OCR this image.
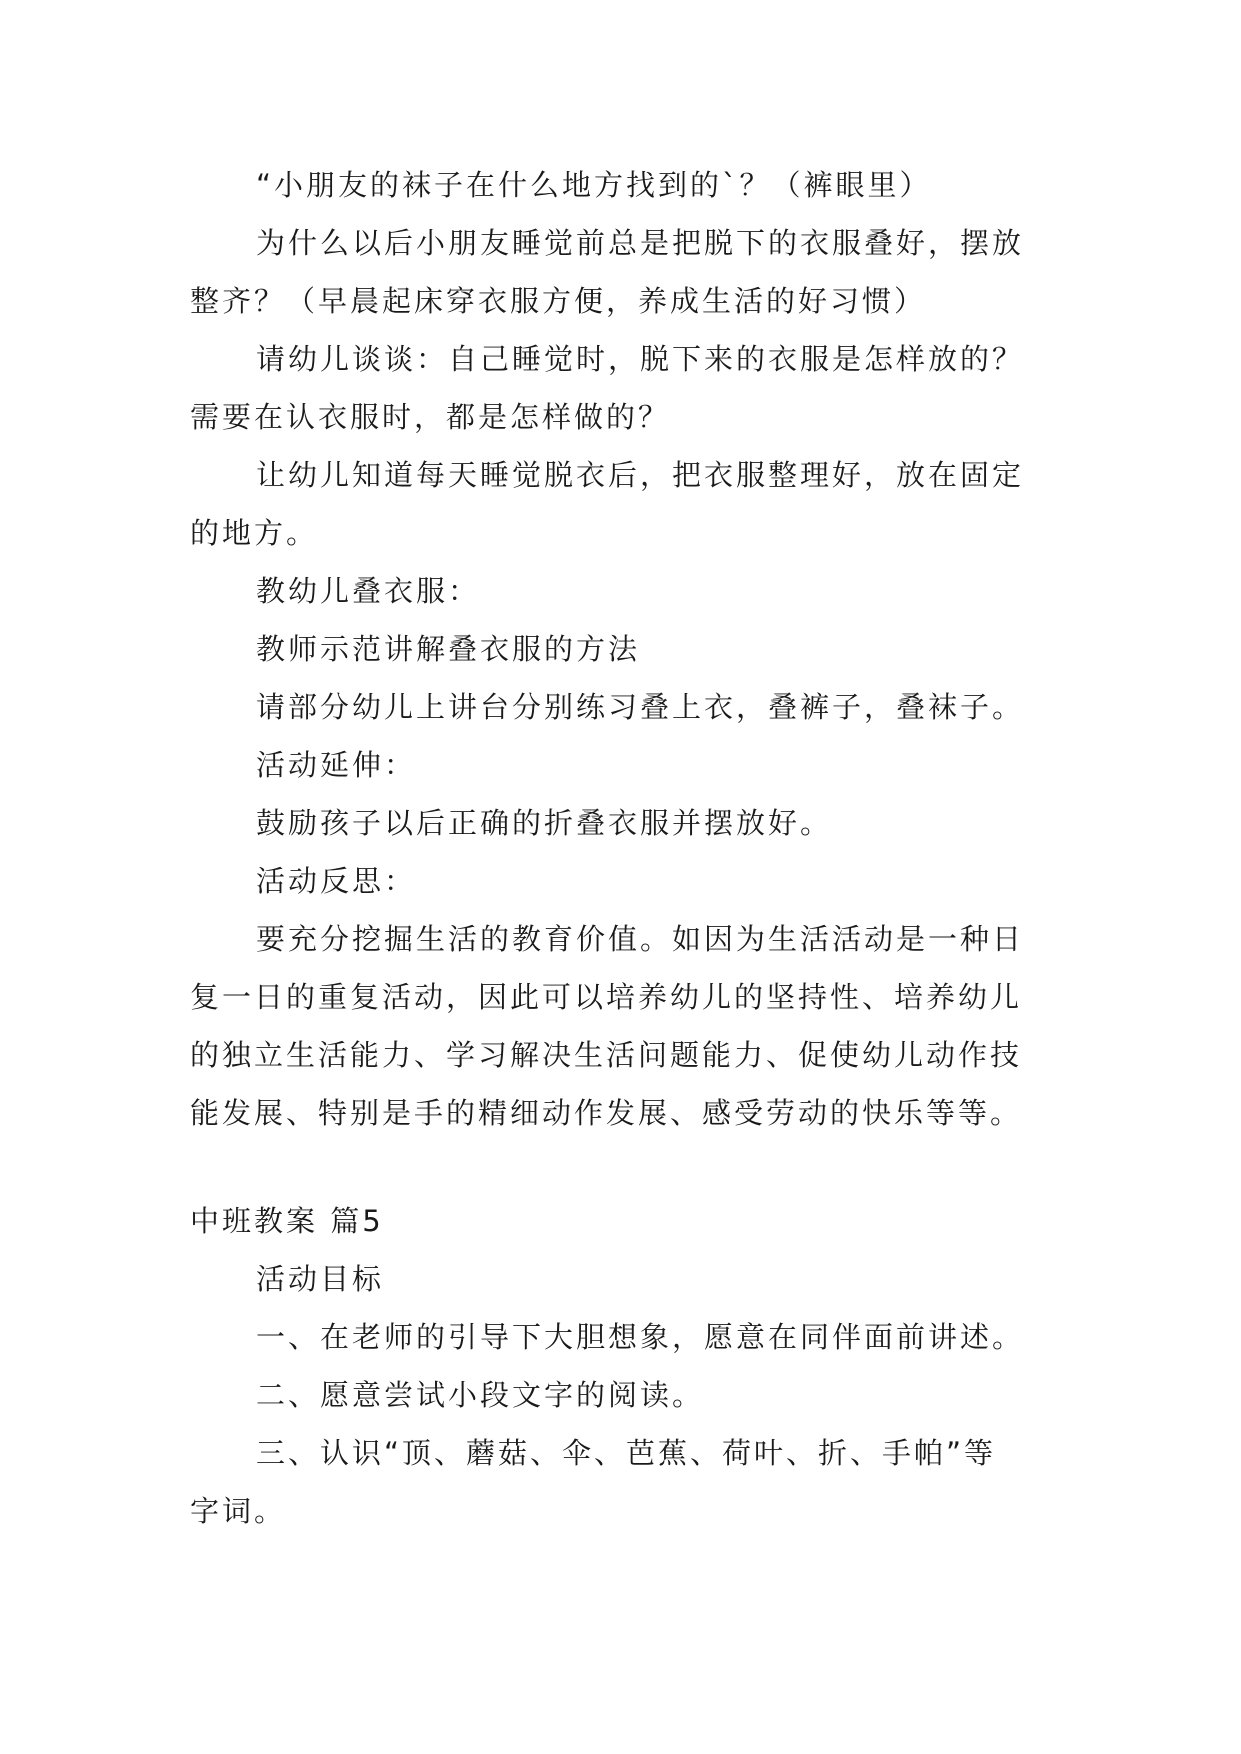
“小朋友的袜子在什么地方找到的`？（裤眼里）
为什么以后小朋友睡觉前总是把脱下的衣服叠好，摆放
整齐？（早晨起床穿衣服方便，养成生活的好习惯）
请幼儿谈谈：自己睡觉时，脱下来的衣服是怎样放的？
需要在认衣服时，都是怎样做的？
让幼儿知道每天睡觉脱衣后，把衣服整理好，放在固定
的地方。
教幼儿叠衣服：
教师示范讲解叠衣服的方法
请部分幼儿上讲台分别练习叠上衣，叠裤子，叠袜子。
活动延伸：
鼓励孩子以后正确的折叠衣服并摆放好。
活动反思：
要充分挖掘生活的教育价值。如因为生活活动是一种日
复一日的重复活动，因此可以培养幼儿的坚持性、培养幼儿
的独立生活能力、学习解决生活问题能力、促使幼儿动作技
能发展、特别是手的精细动作发展、感受劳动的快乐等等。
中班教案 篇5
活动目标
一、在老师的引导下大胆想象，愿意在同伴面前讲述。
二、愿意尝试小段文字的阅读。
三、认识“顶、蘑菇、伞、芭蕉、荷叶、折、手帕”等
字词。
